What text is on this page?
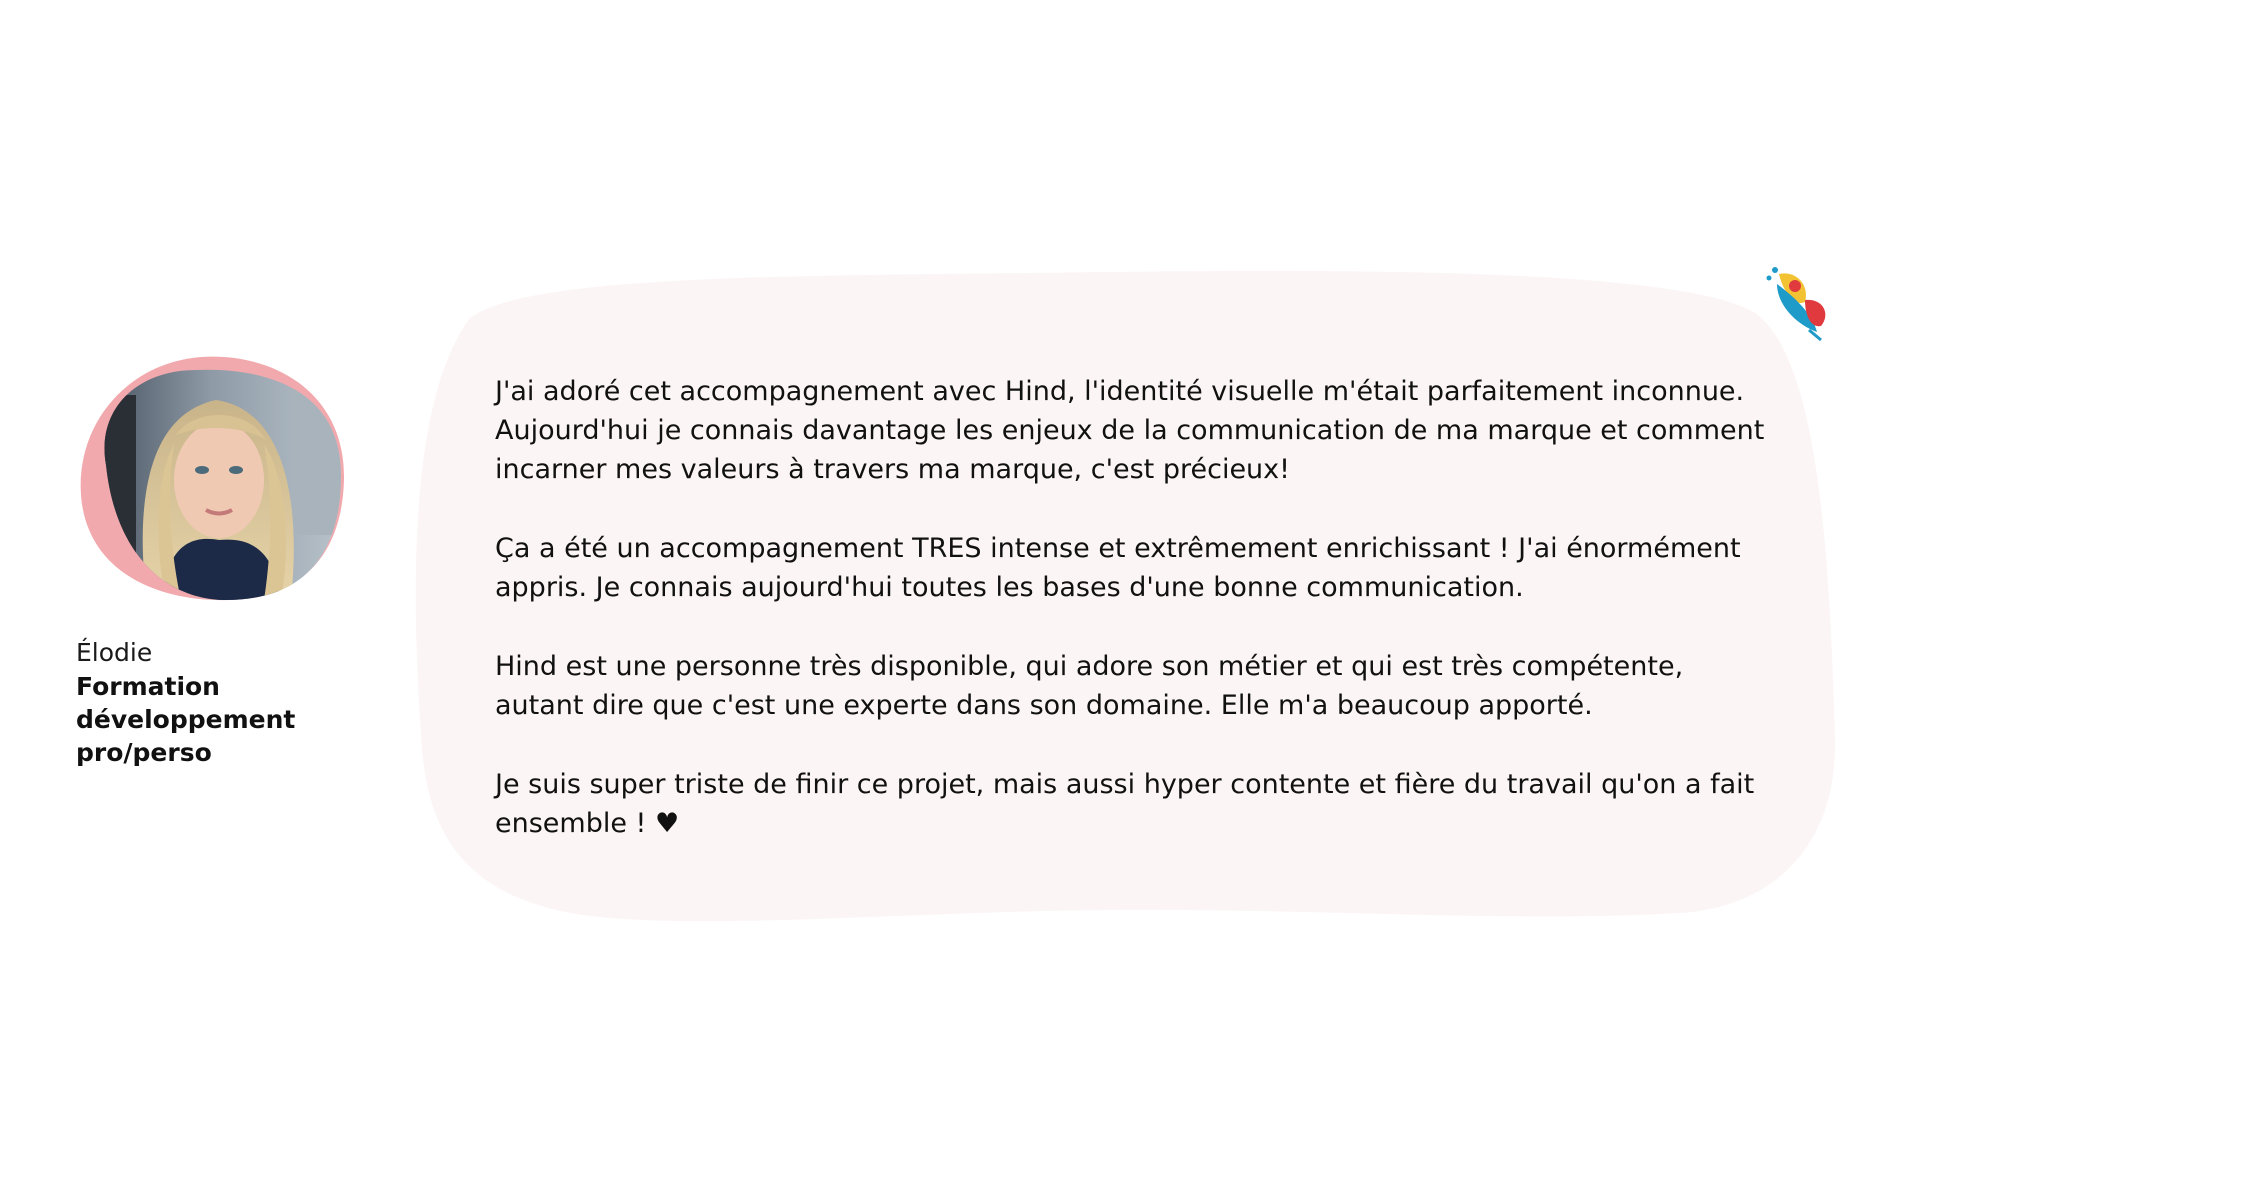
Élodie
Formation développement pro/perso

J'ai adoré cet accompagnement avec Hind, l'identité visuelle m'était parfaitement inconnue. Aujourd'hui je connais davantage les enjeux de la communication de ma marque et comment incarner mes valeurs à travers ma marque, c'est précieux!

Ça a été un accompagnement TRES intense et extrêmement enrichissant ! J'ai énormément appris. Je connais aujourd'hui toutes les bases d'une bonne communication.

Hind est une personne très disponible, qui adore son métier et qui est très compétente, autant dire que c'est une experte dans son domaine. Elle m'a beaucoup apporté.

Je suis super triste de finir ce projet, mais aussi hyper contente et fière du travail qu'on a fait ensemble ! ♥
